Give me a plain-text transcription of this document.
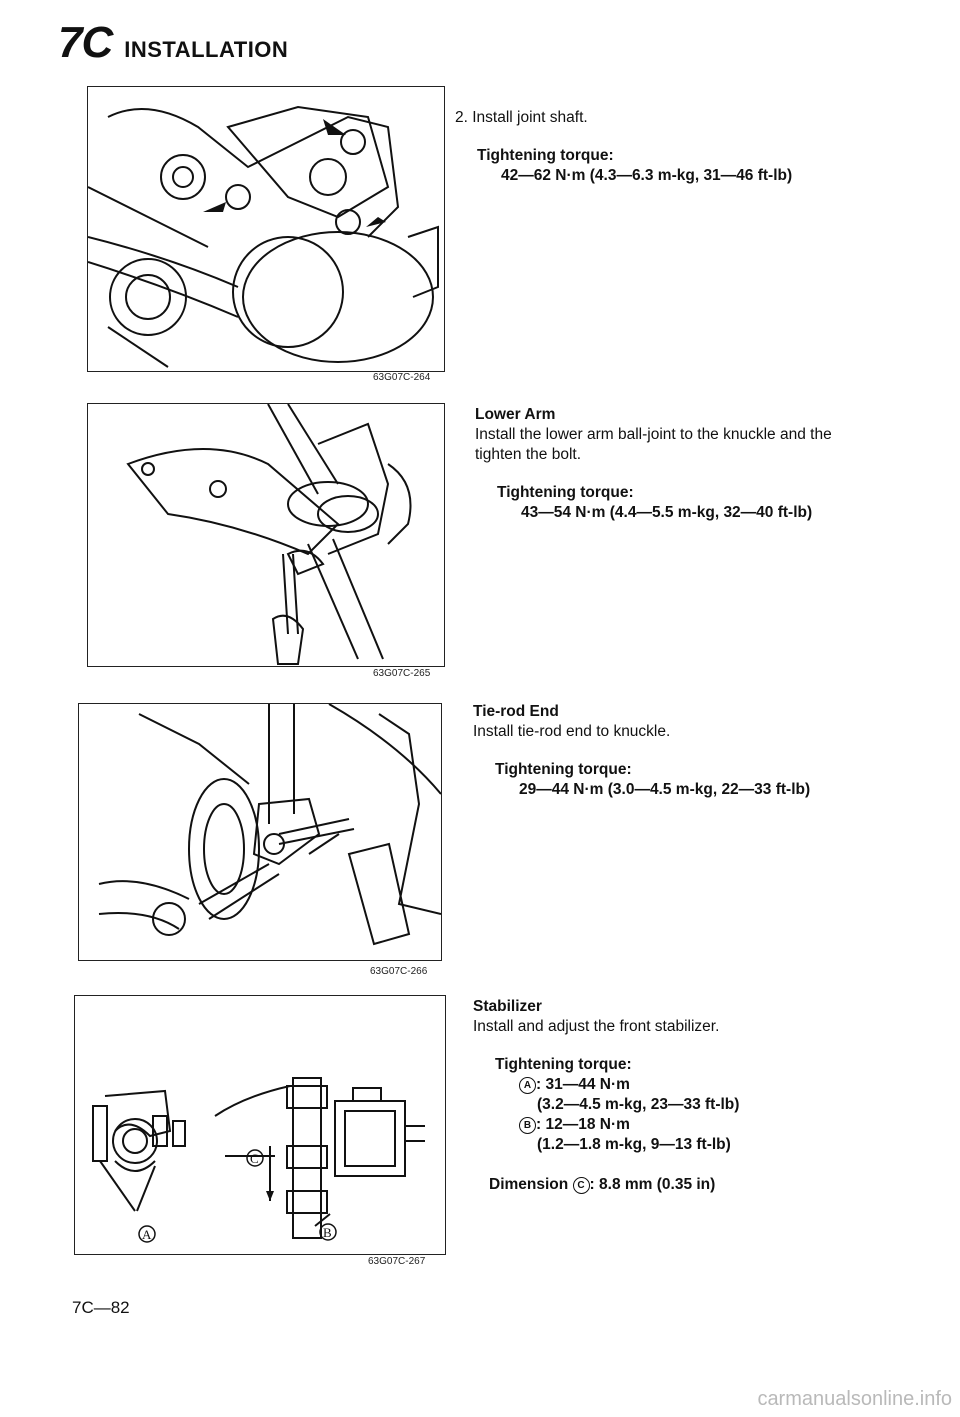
7C INSTALLATION
63G07C-264
63G07C-265
63G07C-266
A	B
C
63G07C-267

2. Install joint shaft.

Tightening torque:
42—62 N·m (4.3—6.3 m-kg, 31—46 ft-lb)

Lower Arm

Install the lower arm ball-joint to the knuckle and the

tighten the bolt.

Tightening torque:
43—54 N·m (4.4—5.5 m-kg, 32—40 ft-lb)

Tie-rod End

Install tie-rod end to knuckle.

Tightening torque:
29—44 N·m (3.0—4.5 m-kg, 22—33 ft-lb)

Stabilizer

Install and adjust the front stabilizer.

Tightening torque:
A : 31—44 N·m
(3.2—4.5 m-kg, 23—33 ft-lb)
B : 12—18 N·m
(1.2—1.8 m-kg, 9—13 ft-lb)
Dimension C : 8.8 mm (0.35 in)
7C—82
carmanualsonline.info
